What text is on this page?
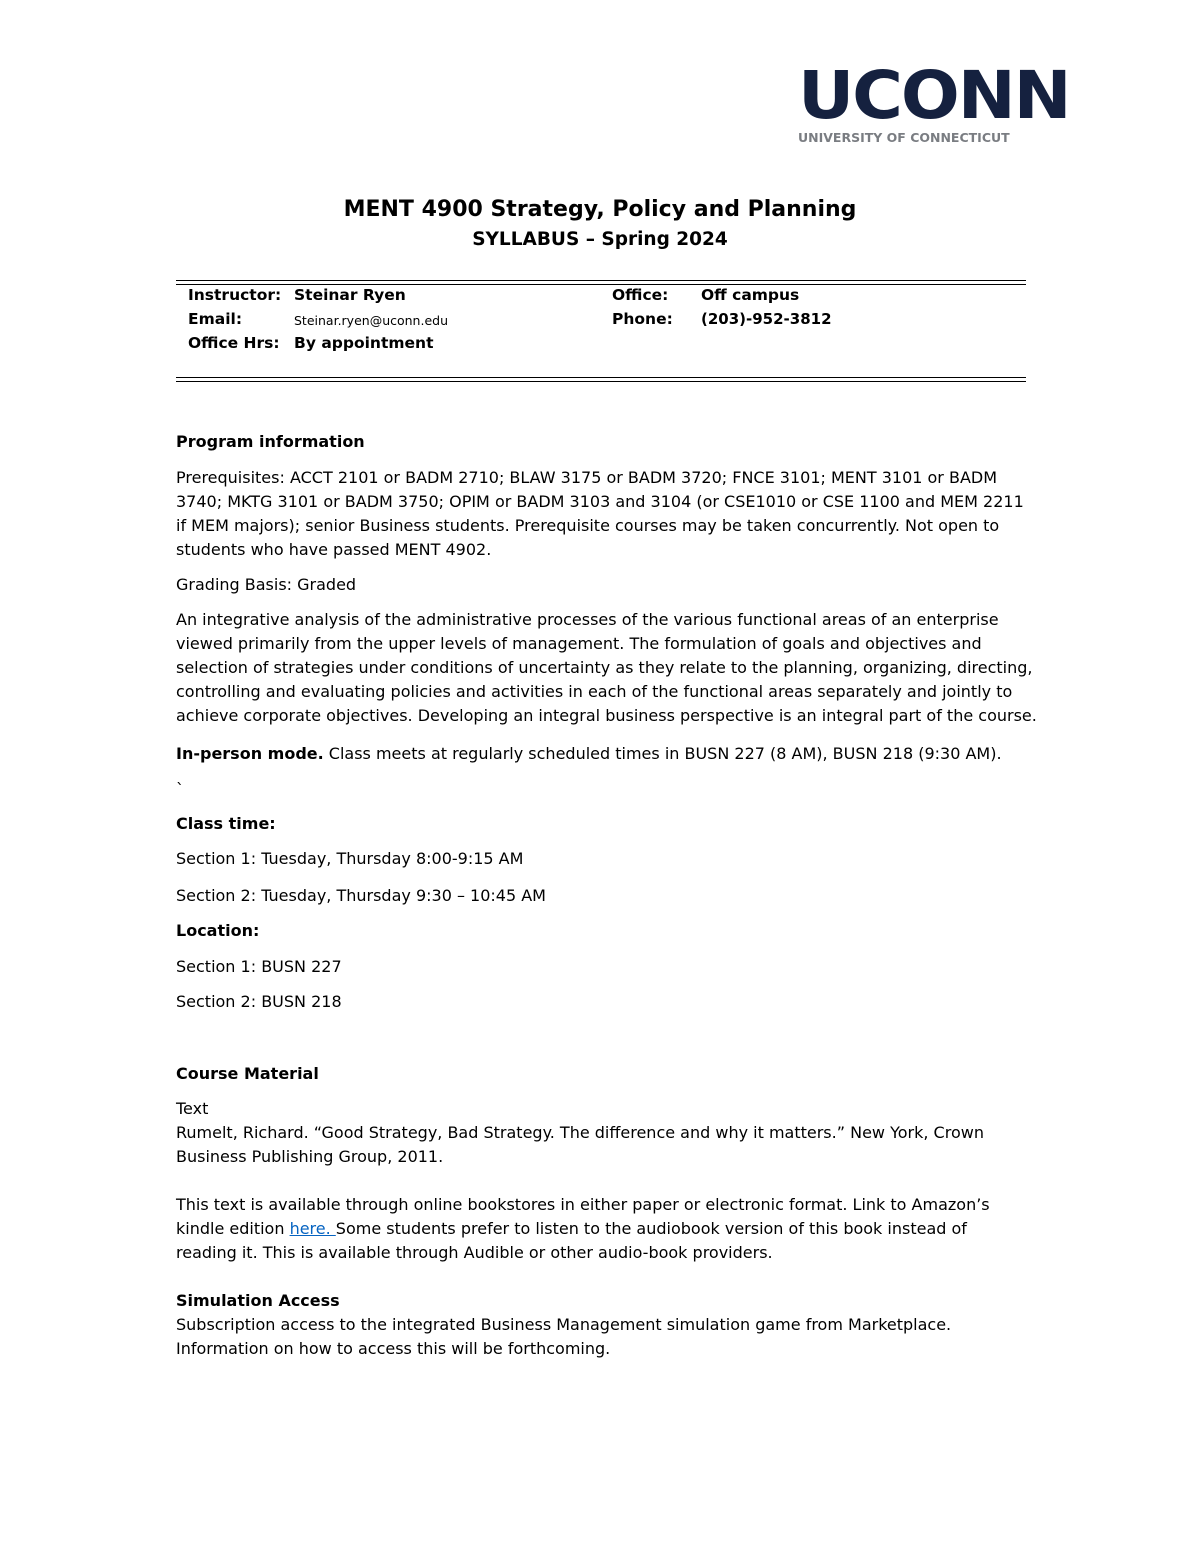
UCONN
UNIVERSITY OF CONNECTICUT
MENT 4900 Strategy, Policy and Planning
SYLLABUS – Spring 2024
Instructor: Steinar Ryen	Office: Off campus
Email:	Steinar.ryen@uconn.edu	Phone: (203)-952-3812
Office Hrs: By appointment
Program information
Prerequisites: ACCT 2101 or BADM 2710; BLAW 3175 or BADM 3720; FNCE 3101; MENT 3101 or BADM
3740; MKTG 3101 or BADM 3750; OPIM or BADM 3103 and 3104 (or CSE1010 or CSE 1100 and MEM 2211
if MEM majors); senior Business students. Prerequisite courses may be taken concurrently. Not open to
students who have passed MENT 4902.
Grading Basis: Graded
An integrative analysis of the administrative processes of the various functional areas of an enterprise
viewed primarily from the upper levels of management. The formulation of goals and objectives and
selection of strategies under conditions of uncertainty as they relate to the planning, organizing, directing,
controlling and evaluating policies and activities in each of the functional areas separately and jointly to
achieve corporate objectives. Developing an integral business perspective is an integral part of the course.
In-person mode. Class meets at regularly scheduled times in BUSN 227 (8 AM), BUSN 218 (9:30 AM).
`
Class time:
Section 1: Tuesday, Thursday 8:00-9:15 AM
Section 2: Tuesday, Thursday 9:30 – 10:45 AM
Location:
Section 1: BUSN 227
Section 2: BUSN 218
Course Material
Text
Rumelt, Richard. “Good Strategy, Bad Strategy. The difference and why it matters.” New York, Crown
Business Publishing Group, 2011.
This text is available through online bookstores in either paper or electronic format. Link to Amazon’s
kindle edition here. Some students prefer to listen to the audiobook version of this book instead of
reading it. This is available through Audible or other audio-book providers.
Simulation Access
Subscription access to the integrated Business Management simulation game from Marketplace.
Information on how to access this will be forthcoming.
